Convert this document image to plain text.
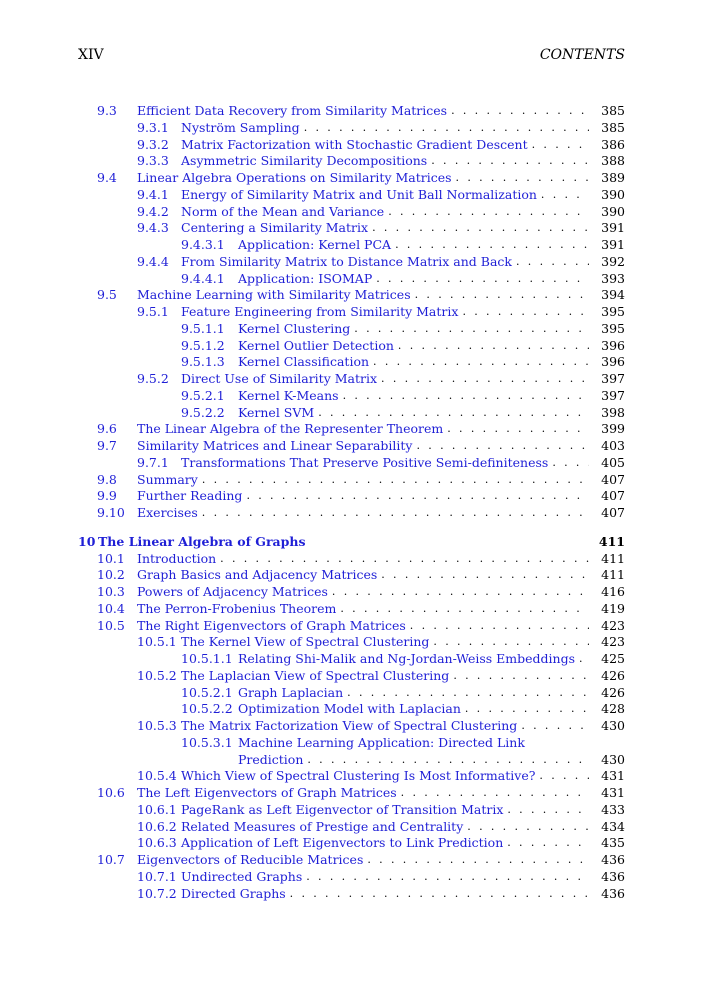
XIV	CONTENTS
9.3 Efficient Data Recovery from Similarity Matrices . . .	385
9.3.1 Nyström Sampling . . .	385
9.3.2 Matrix Factorization with Stochastic Gradient Descent . . .	386
9.3.3 Asymmetric Similarity Decompositions . . .	388
9.4 Linear Algebra Operations on Similarity Matrices . . .	389
9.4.1 Energy of Similarity Matrix and Unit Ball Normalization . . .	390
9.4.2 Norm of the Mean and Variance . . .	390
9.4.3 Centering a Similarity Matrix . . .	391
9.4.3.1 Application: Kernel PCA . . .	391
9.4.4 From Similarity Matrix to Distance Matrix and Back . . .	392
9.4.4.1 Application: ISOMAP . . .	393
9.5 Machine Learning with Similarity Matrices . . .	394
9.5.1 Feature Engineering from Similarity Matrix . . .	395
9.5.1.1 Kernel Clustering . . .	395
9.5.1.2 Kernel Outlier Detection . . .	396
9.5.1.3 Kernel Classification . . .	396
9.5.2 Direct Use of Similarity Matrix . . .	397
9.5.2.1 Kernel K-Means . . .	397
9.5.2.2 Kernel SVM . . .	398
9.6 The Linear Algebra of the Representer Theorem . . .	399
9.7 Similarity Matrices and Linear Separability . . .	403
9.7.1 Transformations That Preserve Positive Semi-definiteness . . .	405
9.8 Summary . . .	407
9.9 Further Reading . . .	407
9.10 Exercises . . .	407
10 The Linear Algebra of Graphs	411
10.1 Introduction . . .	411
10.2 Graph Basics and Adjacency Matrices . . .	411
10.3 Powers of Adjacency Matrices . . .	416
10.4 The Perron-Frobenius Theorem . . .	419
10.5 The Right Eigenvectors of Graph Matrices . . .	423
10.5.1 The Kernel View of Spectral Clustering . . .	423
10.5.1.1 Relating Shi-Malik and Ng-Jordan-Weiss Embeddings . . .	425
10.5.2 The Laplacian View of Spectral Clustering . . .	426
10.5.2.1 Graph Laplacian . . .	426
10.5.2.2 Optimization Model with Laplacian . . .	428
10.5.3 The Matrix Factorization View of Spectral Clustering . . .	430
10.5.3.1 Machine Learning Application: Directed Link
Prediction . . .	430
10.5.4 Which View of Spectral Clustering Is Most Informative? . . .	431
10.6 The Left Eigenvectors of Graph Matrices . . .	431
10.6.1 PageRank as Left Eigenvector of Transition Matrix . . .	433
10.6.2 Related Measures of Prestige and Centrality . . .	434
10.6.3 Application of Left Eigenvectors to Link Prediction . . .	435
10.7 Eigenvectors of Reducible Matrices . . .	436
10.7.1 Undirected Graphs . . .	436
10.7.2 Directed Graphs . . .	436
